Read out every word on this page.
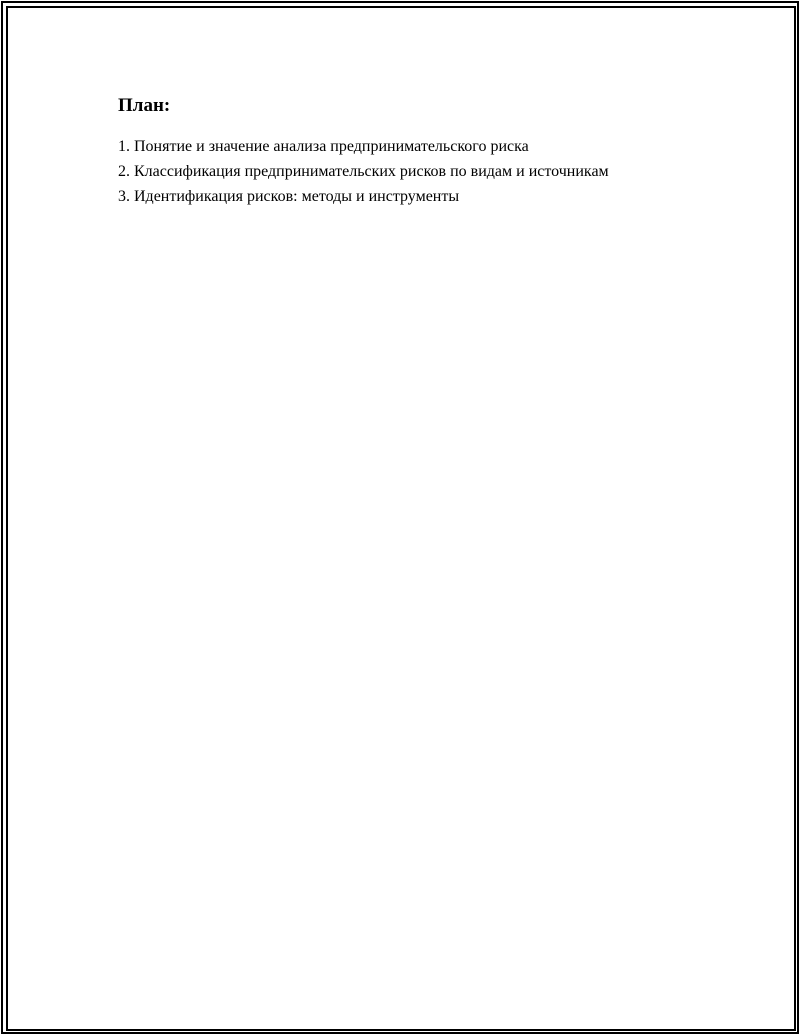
План:
1. Понятие и значение анализа предпринимательского риска
2. Классификация предпринимательских рисков по видам и источникам
3. Идентификация рисков: методы и инструменты
